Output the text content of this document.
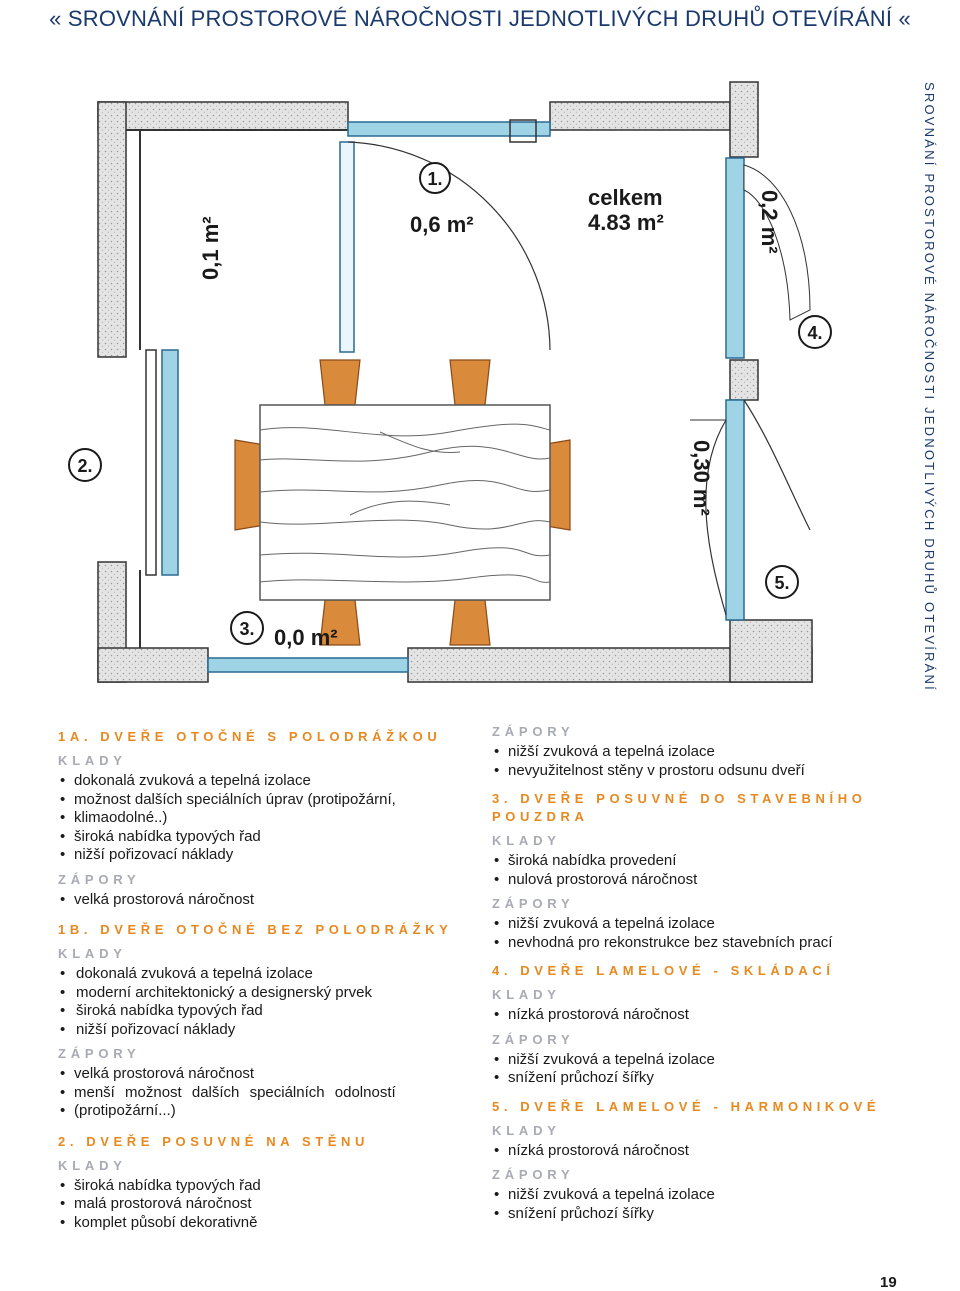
« SROVNÁNÍ PROSTOROVÉ NÁROČNOSTI JEDNOTLIVÝCH DRUHŮ OTEVÍRÁNÍ «
SROVNÁNÍ PROSTOROVÉ NÁROČNOSTI JEDNOTLIVÝCH DRUHŮ OTEVÍRÁNÍ
1.
0,6 m²
celkem
4.83 m²
0,1 m²
2.
3. 0,0 m²
0,2 m²
4.
0,30 m²
5.
1A. DVEŘE OTOČNÉ S POLODRÁŽKOU
KLADY
• dokonalá zvuková a tepelná izolace
• možnost dalších speciálních úprav (protipožární,
• klimaodolné..)
• široká nabídka typových řad
• nižší pořizovací náklady
ZÁPORY
• velká prostorová náročnost
1B. DVEŘE OTOČNÉ BEZ POLODRÁŽKY
KLADY
• dokonalá zvuková a tepelná izolace
• moderní architektonický a designerský prvek
• široká nabídka typových řad
• nižší pořizovací náklady
ZÁPORY
• velká prostorová náročnost
• menší možnost dalších speciálních odolností
• (protipožární...)
2. DVEŘE POSUVNÉ NA STĚNU
KLADY
• široká nabídka typových řad
• malá prostorová náročnost
• komplet působí dekorativně
ZÁPORY
• nižší zvuková a tepelná izolace
• nevyužitelnost stěny v prostoru odsunu dveří
3. DVEŘE POSUVNÉ DO STAVEBNÍHO POUZDRA
KLADY
• široká nabídka provedení
• nulová prostorová náročnost
ZÁPORY
• nižší zvuková a tepelná izolace
• nevhodná pro rekonstrukce bez stavebních prací
4. DVEŘE LAMELOVÉ - SKLÁDACÍ
KLADY
• nízká prostorová náročnost
ZÁPORY
• nižší zvuková a tepelná izolace
• snížení průchozí šířky
5. DVEŘE LAMELOVÉ - HARMONIKOVÉ
KLADY
• nízká prostorová náročnost
ZÁPORY
• nižší zvuková a tepelná izolace
• snížení průchozí šířky
19
